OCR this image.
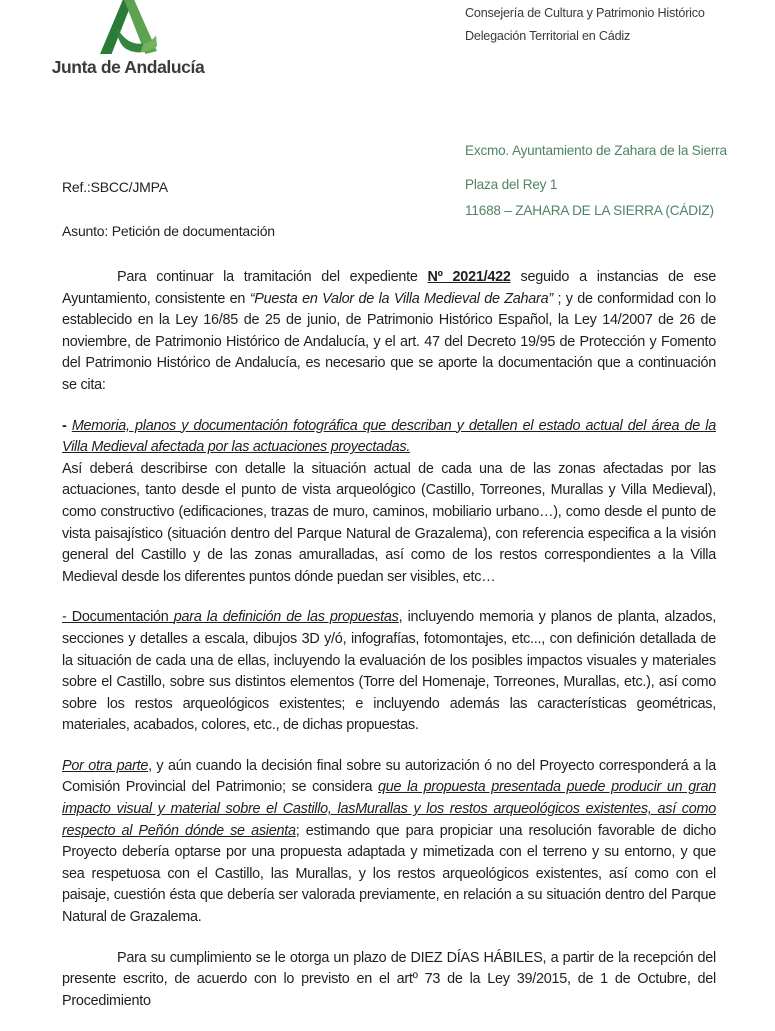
Junta de Andalucía
Consejería de Cultura y Patrimonio Histórico
Delegación Territorial en Cádiz
Ref.:SBCC/JMPA
Asunto: Petición de documentación
Excmo. Ayuntamiento de Zahara de la Sierra
Plaza del Rey 1
11688 – ZAHARA DE LA SIERRA (CÁDIZ)

Para continuar la tramitación del expediente Nº 2021/422 seguido a instancias de ese Ayuntamiento, consistente en “Puesta en Valor de la Villa Medieval de Zahara” ; y de conformidad con lo establecido en la Ley 16/85 de 25 de junio, de Patrimonio Histórico Español, la Ley 14/2007 de 26 de noviembre, de Patrimonio Histórico de Andalucía, y el art. 47 del Decreto 19/95 de Protección y Fomento del Patrimonio Histórico de Andalucía, es necesario que se aporte la documentación que a continuación se cita:

- Memoria, planos y documentación fotográfica que describan y detallen el estado actual del área de la Villa Medieval afectada por las actuaciones proyectadas.
Así deberá describirse con detalle la situación actual de cada una de las zonas afectadas por las actuaciones, tanto desde el punto de vista arqueológico (Castillo, Torreones, Murallas y Villa Medieval), como constructivo (edificaciones, trazas de muro, caminos, mobiliario urbano…), como desde el punto de vista paisajístico (situación dentro del Parque Natural de Grazalema), con referencia especifica a la visión general del Castillo y de las zonas amuralladas, así como de los restos correspondientes a la Villa Medieval desde los diferentes puntos dónde puedan ser visibles, etc…

- Documentación para la definición de las propuestas, incluyendo memoria y planos de planta, alzados, secciones y detalles a escala, dibujos 3D y/ó, infografías, fotomontajes, etc..., con definición detallada de la situación de cada una de ellas, incluyendo la evaluación de los posibles impactos visuales y materiales sobre el Castillo, sobre sus distintos elementos (Torre del Homenaje, Torreones, Murallas, etc.), así como sobre los restos arqueológicos existentes; e incluyendo además las características geométricas, materiales, acabados, colores, etc., de dichas propuestas.

Por otra parte, y aún cuando la decisión final sobre su autorización ó no del Proyecto corresponderá a la Comisión Provincial del Patrimonio; se considera que la propuesta presentada puede producir un gran impacto visual y material sobre el Castillo, lasMurallas y los restos arqueológicos existentes, así como respecto al Peñón dónde se asienta; estimando que para propiciar una resolución favorable de dicho Proyecto debería optarse por una propuesta adaptada y mimetizada con el terreno y su entorno, y que sea respetuosa con el Castillo, las Murallas, y los restos arqueológicos existentes, así como con el paisaje, cuestión ésta que debería ser valorada previamente, en relación a su situación dentro del Parque Natural de Grazalema.

Para su cumplimiento se le otorga un plazo de DIEZ DÍAS HÁBILES, a partir de la recepción del presente escrito, de acuerdo con lo previsto en el artº 73 de la Ley 39/2015, de 1 de Octubre, del Procedimiento
